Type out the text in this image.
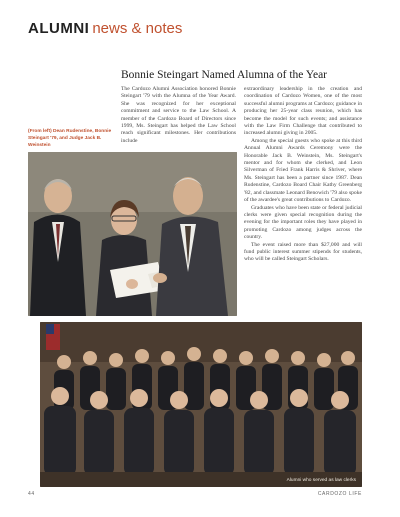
ALUMNI news & notes
Bonnie Steingart Named Alumna of the Year

The Cardozo Alumni Association honored Bonnie Steingart '79 with the Alumna of the Year Award. She was recognized for her exceptional commitment and service to the Law School. A member of the Cardozo Board of Directors since 1999, Ms. Steingart has helped the Law School reach significant milestones. Her contributions include

extraordinary leadership in the creation and coordination of Cardozo Women, one of the most successful alumni programs at Cardozo; guidance in producing her 25-year class reunion, which has become the model for such events; and assistance with the Law Firm Challenge that contributed to increased alumni giving in 2005.

Among the special guests who spoke at this third Annual Alumni Awards Ceremony were the Honorable Jack B. Weinstein, Ms. Steingart's mentor and for whom she clerked, and Leon Silverman of Fried Frank Harris & Shriver, where Ms. Steingart has been a partner since 1987. Dean Rudenstine, Cardozo Board Chair Kathy Greenberg '82, and classmate Leonard Benowich '79 also spoke of the awardee's great contributions to Cardozo.

Graduates who have been state or federal judicial clerks were given special recognition during the evening for the important roles they have played in promoting Cardozo among judges across the country.

The event raised more than $27,000 and will fund public interest summer stipends for students, who will be called Steingart Scholars.

(From left) Dean Rudenstine, Bonnie Steingart '79, and Judge Jack B. Weinstein
Alumni who served as law clerks
44	CARDOZO LIFE
